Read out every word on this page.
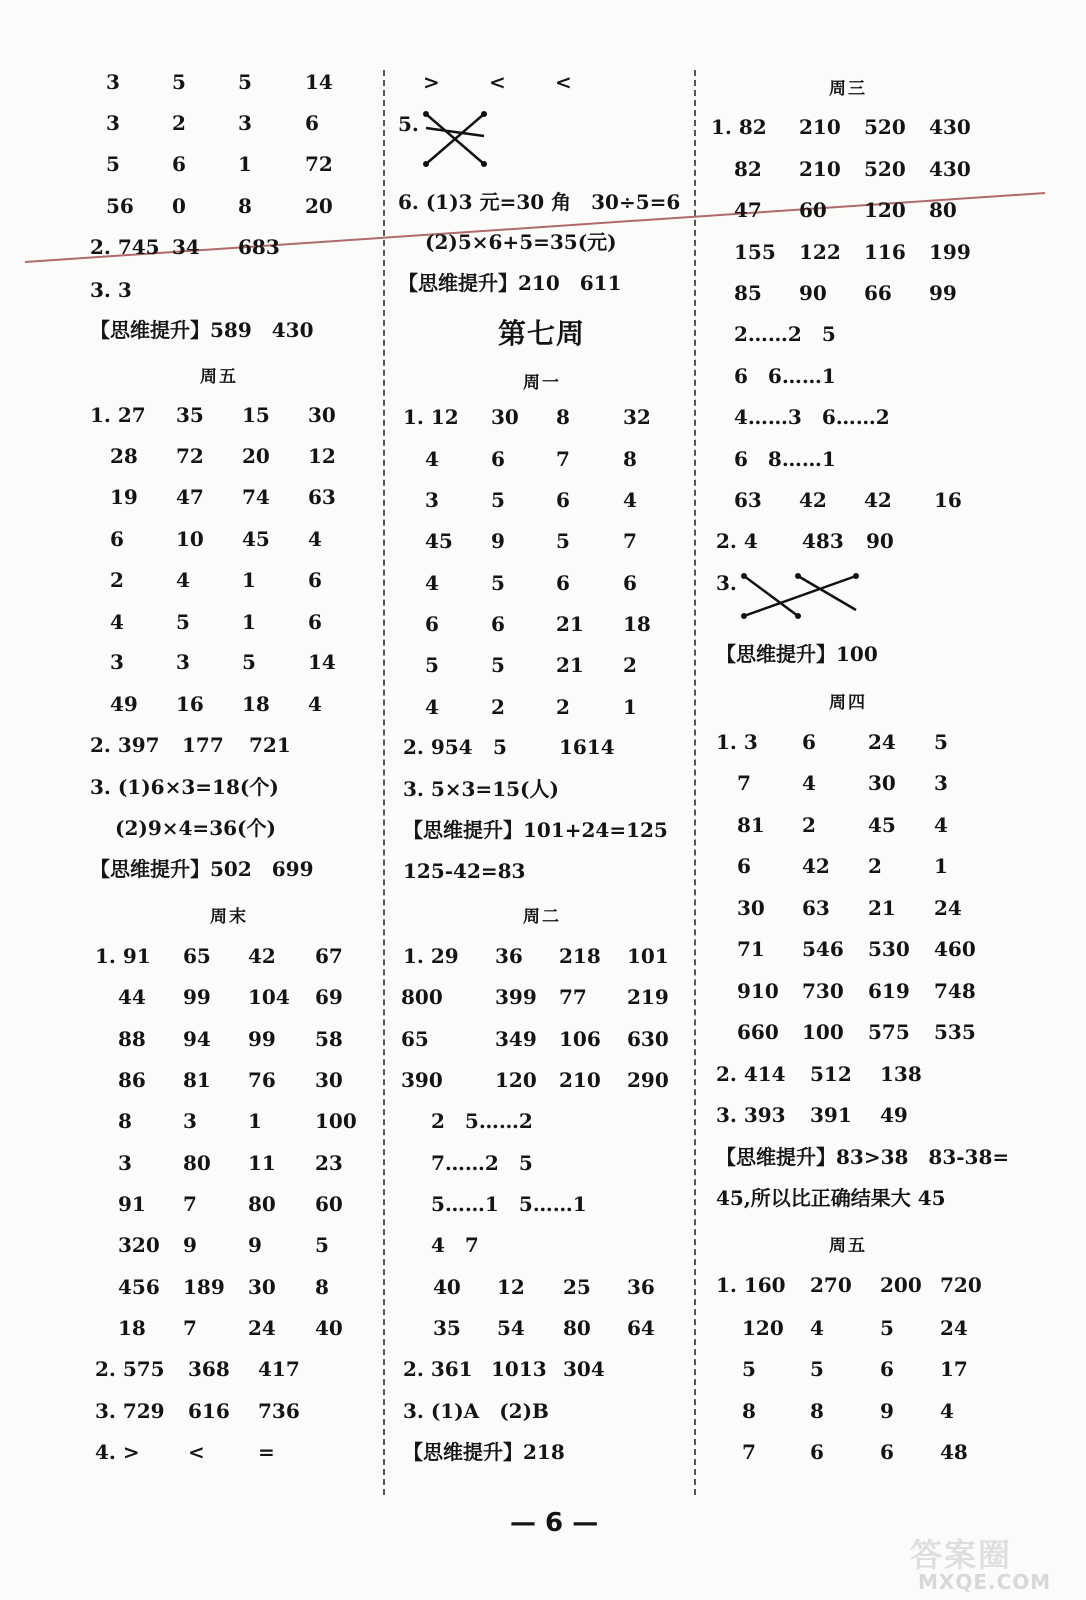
3	5	5	14
3	2	3	6
5	6	1	72
56 0	8	20
2. 745 34 683
3. 3
【思维提升】589　430
周五
1. 27 35 15 30
28 72 20 12
19 47 74 63
6	10 45 4
2	4	1	6
4	5	1	6
3	3	5	14
49 16 18 4
2. 397 177 721
3. (1)6×3=18(个)
(2)9×4=36(个)
【思维提升】502　699
周末
1. 91 65 42 67
44 99 104 69
88 94 99 58
86 81 76 30
8	3	1	100
3	80 11 23
91 7	80 60
320 9	9	5
456 189 30 8
18 7	24 40
2. 575 368 417
3. 729 616 736
4. > <	=
> < <
5.
6. (1)3 元=30 角　30÷5=6
(2)5×6+5=35(元)
【思维提升】210　611
第七周
周一
1. 12 30 8	32
4	6	7	8
3	5	6	4
45 9	5	7
4	5	6	6
6	6	21 18
5	5	21 2
4	2	2	1
2. 954 5	1614
3. 5×3=15(人)
【思维提升】101+24=125
125-42=83
周二
1. 29 36 218 101
800	399 77 219
65	349 106 630
390	120 210 290
2　5……2
7……2　5
5……1　5……1
4　7
40 12 25 36
35 54 80 64
2. 361 1013 304
3. (1)A　(2)B
【思维提升】218
周三
1. 82 210 520 430
82 210 520 430
47 60 120 80
155 122 116 199
85 90 66 99
2……2　5
6　6……1
4……3　6……2
6　8……1
63 42 42 16
2. 4 483 90
3.
【思维提升】100
周四
1. 3 6	24 5
7	4	30 3
81 2	45 4
6	42 2	1
30 63 21 24
71 546 530 460
910 730 619 748
660 100 575 535
2. 414 512 138
3. 393 391 49
【思维提升】83>38　83-38=
45,所以比正确结果大 45
周五
1. 160 270 200 720
120 4	5 24
5	5	6 17
8	8	9 4
7	6	6 48
— 6 —
答案圈
MXQE.COM
